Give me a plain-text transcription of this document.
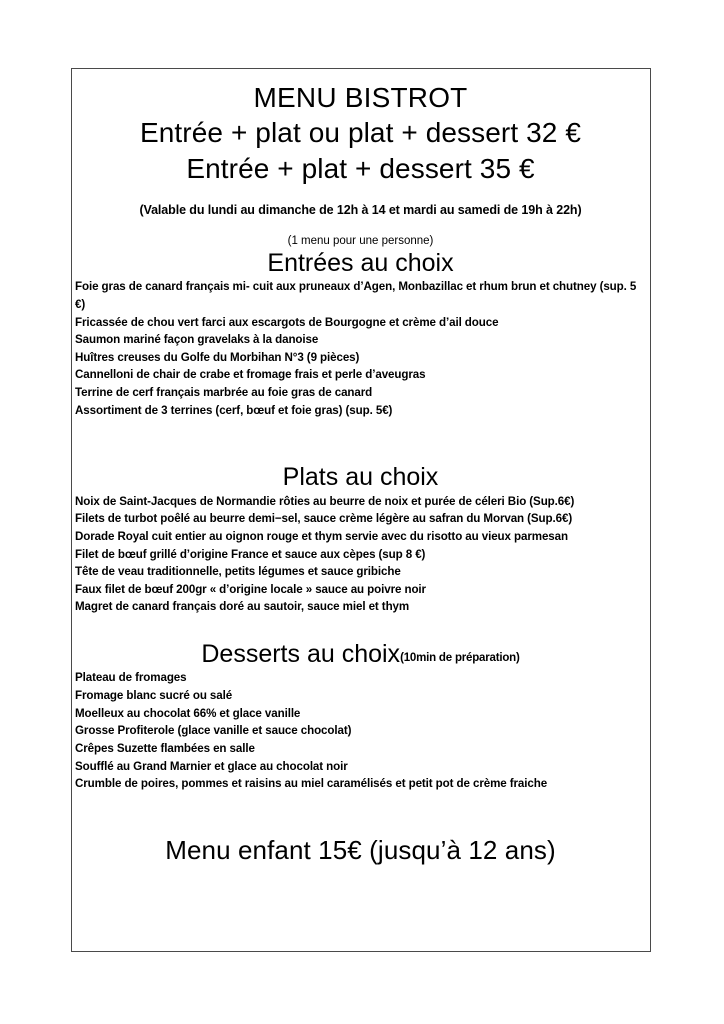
MENU BISTROT
Entrée + plat ou plat + dessert 32 €
Entrée + plat + dessert 35 €
(Valable du lundi au dimanche de 12h à 14 et mardi au samedi de 19h à 22h)
(1 menu pour une personne)
Entrées au choix
Foie gras de canard français mi- cuit aux pruneaux d’Agen, Monbazillac et rhum brun et chutney (sup. 5 €)
Fricassée de chou vert farci aux escargots de Bourgogne et crème d’ail douce
Saumon mariné façon gravelaks à la danoise
Huîtres creuses du Golfe du Morbihan N°3 (9 pièces)
Cannelloni de chair de crabe et fromage frais et perle d’aveugras
Terrine de cerf français marbrée au foie gras de canard
Assortiment de 3 terrines (cerf, bœuf et foie gras) (sup. 5€)
Plats au choix
Noix de Saint-Jacques de Normandie rôties au beurre de noix et purée de céleri Bio (Sup.6€)
Filets de turbot poêlé au beurre demi−sel, sauce crème légère au safran du Morvan (Sup.6€)
Dorade Royal cuit entier au oignon rouge et thym servie avec du risotto au vieux parmesan
Filet de bœuf grillé d’origine France et sauce aux cèpes (sup 8 €)
Tête de veau traditionnelle, petits légumes et sauce gribiche
Faux filet de bœuf 200gr « d’origine locale » sauce au poivre noir
Magret de canard français doré au sautoir, sauce miel et thym
Desserts au choix(10min de préparation)
Plateau de fromages
Fromage blanc sucré ou salé
Moelleux au chocolat 66% et glace vanille
Grosse Profiterole (glace vanille et sauce chocolat)
Crêpes Suzette flambées en salle
Soufflé au Grand Marnier et glace au chocolat noir
Crumble de poires, pommes et raisins au miel caramélisés et petit pot de crème fraiche
Menu enfant 15€ (jusqu’à 12 ans)
